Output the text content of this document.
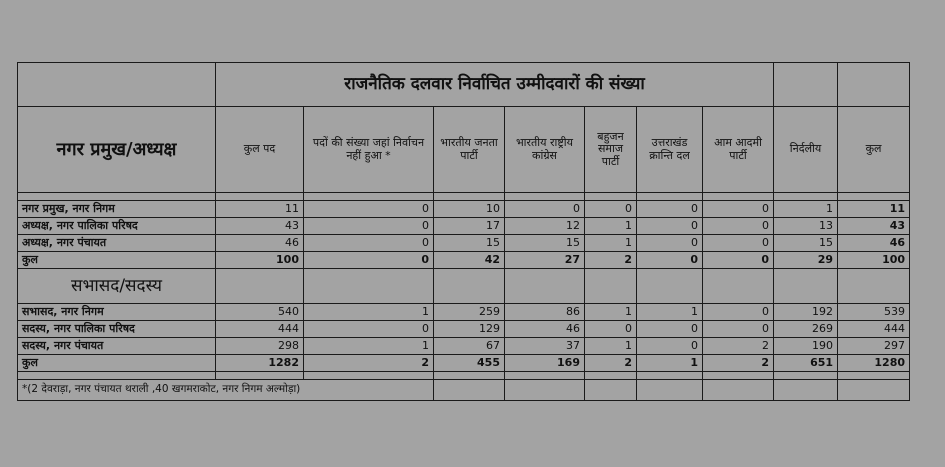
	राजनैतिक दलवार निर्वाचित उम्मीदवारों की संख्या								
नगर प्रमुख/अध्यक्ष	कुल पद	पदों की संख्या जहां निर्वाचन नहीं हुआ *	भारतीय जनता पार्टी	भारतीय राष्ट्रीय कांग्रेस	बहुजन समाज पार्टी	उत्तराखंड क्रान्ति दल	आम आदमी पार्टी	निर्दलीय	कुल

नगर प्रमुख, नगर निगम	11	0	10	0	0	0	0	1	11
अध्यक्ष, नगर पालिका परिषद	43	0	17	12	1	0	0	13	43
अध्यक्ष, नगर पंचायत	46	0	15	15	1	0	0	15	46
कुल	100	0	42	27	2	0	0	29	100
सभासद/सदस्य									
सभासद, नगर निगम	540	1	259	86	1	1	0	192	539
सदस्य, नगर पालिका परिषद	444	0	129	46	0	0	0	269	444
सदस्य, नगर पंचायत	298	1	67	37	1	0	2	190	297
कुल	1282	2	455	169	2	1	2	651	1280

*(2 देवराड़ा, नगर पंचायत थराली ,40 खगमराकोट, नगर निगम अल्मोड़ा)									
